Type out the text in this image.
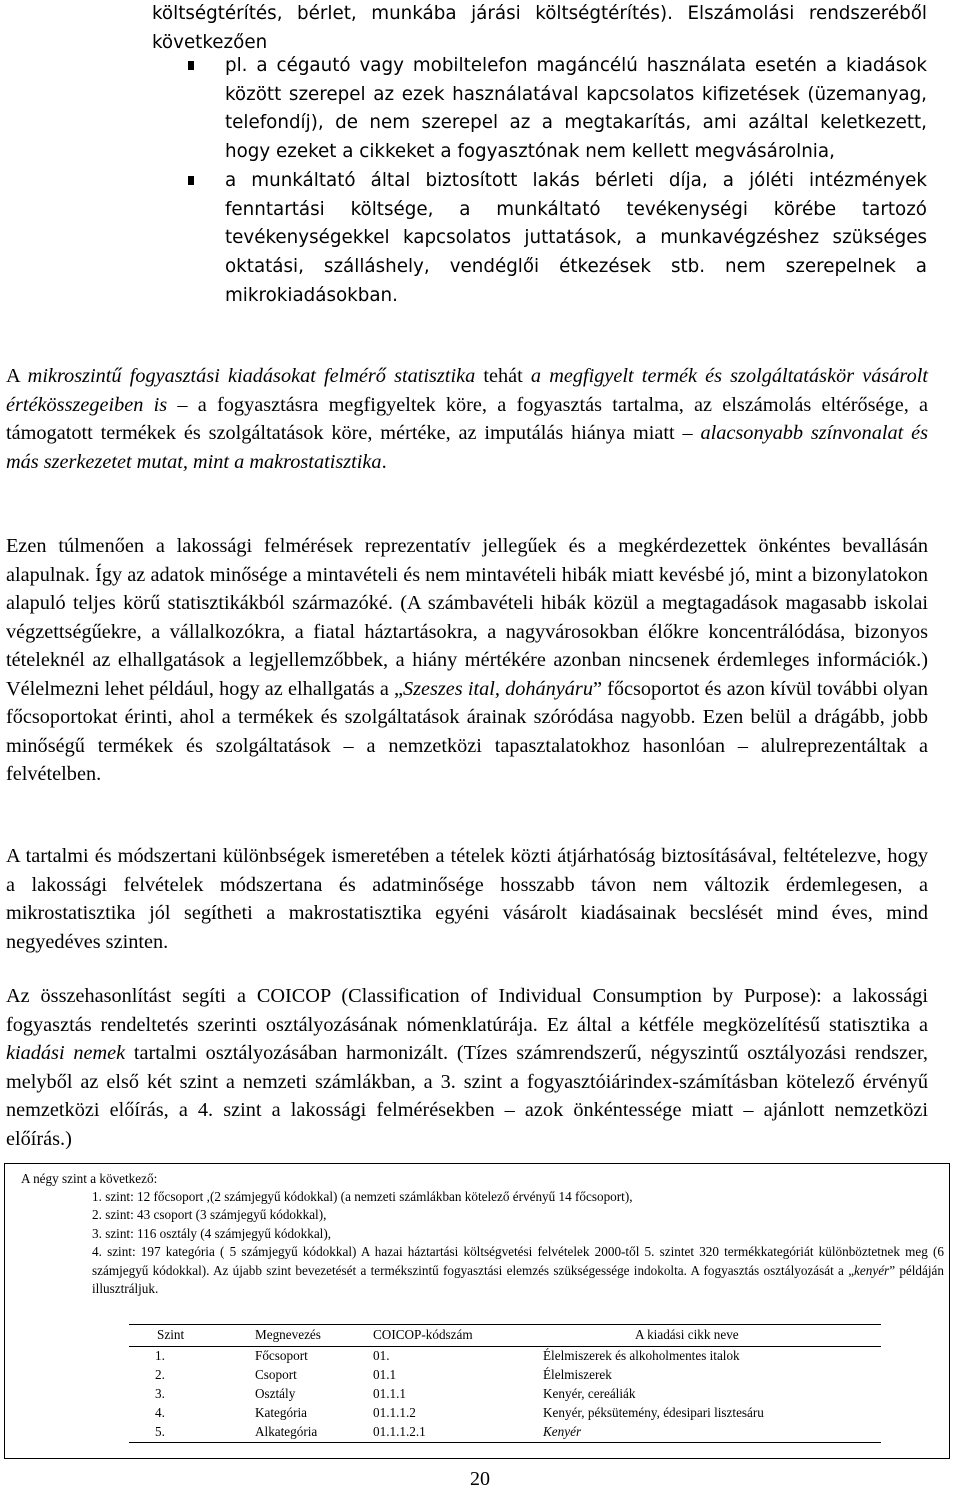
költségtérítés, bérlet, munkába járási költségtérítés). Elszámolási rendszeréből következően
pl. a cégautó vagy mobiltelefon magáncélú használata esetén a kiadások között szerepel az ezek használatával kapcsolatos kifizetések (üzemanyag, telefondíj), de nem szerepel az a megtakarítás, ami azáltal keletkezett, hogy ezeket a cikkeket a fogyasztónak nem kellett megvásárolnia,
a munkáltató által biztosított lakás bérleti díja, a jóléti intézmények fenntartási költsége, a munkáltató tevékenységi körébe tartozó tevékenységekkel kapcsolatos juttatások, a munkavégzéshez szükséges oktatási, szálláshely, vendéglői étkezések stb. nem szerepelnek a mikrokiadásokban.

A mikroszintű fogyasztási kiadásokat felmérő statisztika tehát a megfigyelt termék és szolgáltatáskör vásárolt értékösszegeiben is – a fogyasztásra megfigyeltek köre, a fogyasztás tartalma, az elszámolás eltérősége, a támogatott termékek és szolgáltatások köre, mértéke, az imputálás hiánya miatt – alacsonyabb színvonalat és más szerkezetet mutat, mint a makrostatisztika.

Ezen túlmenően a lakossági felmérések reprezentatív jellegűek és a megkérdezettek önkéntes bevallásán alapulnak. Így az adatok minősége a mintavételi és nem mintavételi hibák miatt kevésbé jó, mint a bizonylatokon alapuló teljes körű statisztikákból származóké. (A számbavételi hibák közül a megtagadások magasabb iskolai végzettségűekre, a vállalkozókra, a fiatal háztartásokra, a nagyvárosokban élőkre koncentrálódása, bizonyos tételeknél az elhallgatások a legjellemzőbbek, a hiány mértékére azonban nincsenek érdemleges információk.) Vélelmezni lehet például, hogy az elhallgatás a „Szeszes ital, dohányáru” főcsoportot és azon kívül további olyan főcsoportokat érinti, ahol a termékek és szolgáltatások árainak szóródása nagyobb. Ezen belül a drágább, jobb minőségű termékek és szolgáltatások – a nemzetközi tapasztalatokhoz hasonlóan – alulreprezentáltak a felvételben.

A tartalmi és módszertani különbségek ismeretében a tételek közti átjárhatóság biztosításával, feltételezve, hogy a lakossági felvételek módszertana és adatminősége hosszabb távon nem változik érdemlegesen, a mikrostatisztika jól segítheti a makrostatisztika egyéni vásárolt kiadásainak becslését mind éves, mind negyedéves szinten.

Az összehasonlítást segíti a COICOP (Classification of Individual Consumption by Purpose): a lakossági fogyasztás rendeltetés szerinti osztályozásának nómenklatúrája. Ez által a kétféle megközelítésű statisztika a kiadási nemek tartalmi osztályozásában harmonizált. (Tízes számrendszerű, négyszintű osztályozási rendszer, melyből az első két szint a nemzeti számlákban, a 3. szint a fogyasztóiárindex-számításban kötelező érvényű nemzetközi előírás, a 4. szint a lakossági felmérésekben – azok önkéntessége miatt – ajánlott nemzetközi előírás.)

A négy szint a következő:
1. szint: 12 főcsoport ,(2 számjegyű kódokkal) (a nemzeti számlákban kötelező érvényű 14 főcsoport),
2. szint: 43 csoport (3 számjegyű kódokkal),
3. szint: 116 osztály (4 számjegyű kódokkal),
4. szint: 197 kategória ( 5 számjegyű kódokkal) A hazai háztartási költségvetési felvételek 2000-től 5. szintet 320 termékkategóriát különböztetnek meg (6 számjegyű kódokkal). Az újabb szint bevezetését a termékszintű fogyasztási elemzés szükségessége indokolta. A fogyasztás osztályozását a „kenyér” példáján illusztráljuk.
Szint	Megnevezés	COICOP-kódszám	A kiadási cikk neve
1.	Főcsoport	01.	Élelmiszerek és alkoholmentes italok
2.	Csoport	01.1	Élelmiszerek
3.	Osztály	01.1.1	Kenyér, cereáliák
4.	Kategória	01.1.1.2	Kenyér, péksütemény, édesipari lisztesáru
5.	Alkategória	01.1.1.2.1	Kenyér
20
